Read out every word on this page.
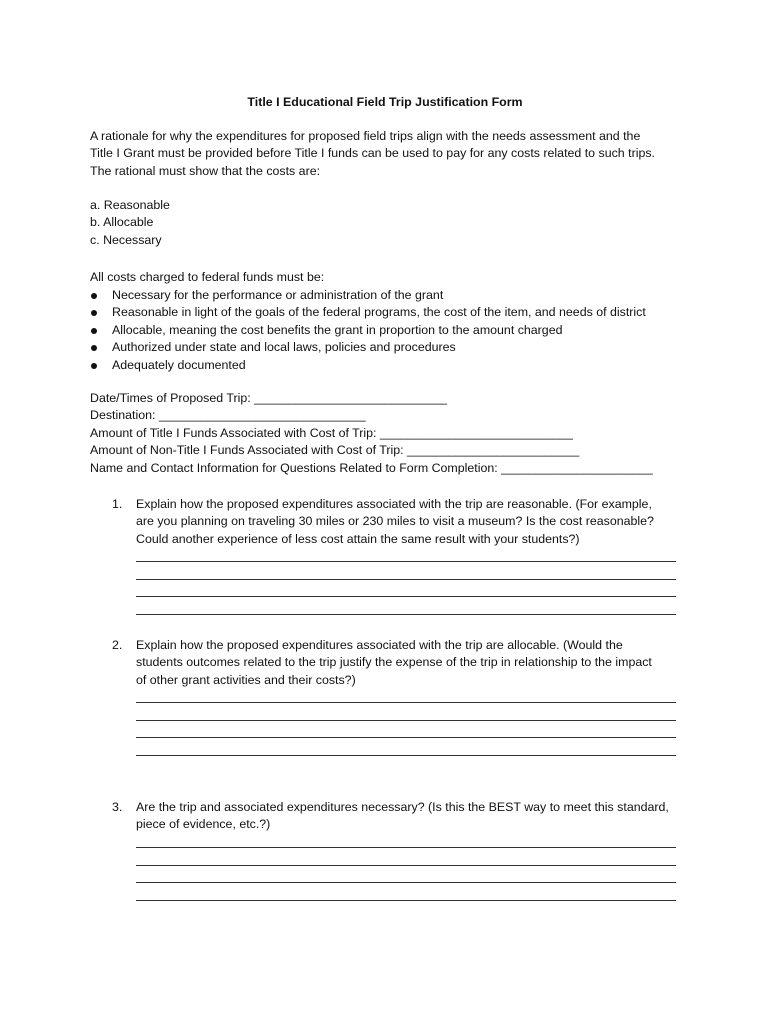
Title I Educational Field Trip Justification Form
A rationale for why the expenditures for proposed field trips align with the needs assessment and the
Title I Grant must be provided before Title I funds can be used to pay for any costs related to such trips.
The rational must show that the costs are:
a. Reasonable
b. Allocable
c. Necessary
All costs charged to federal funds must be:
Necessary for the performance or administration of the grant
Reasonable in light of the goals of the federal programs, the cost of the item, and needs of district
Allocable, meaning the cost benefits the grant in proportion to the amount charged
Authorized under state and local laws, policies and procedures
Adequately documented
Date/Times of Proposed Trip: ____________________________
Destination: ______________________________
Amount of Title I Funds Associated with Cost of Trip: ____________________________
Amount of Non-Title I Funds Associated with Cost of Trip: _________________________
Name and Contact Information for Questions Related to Form Completion: ______________________
1. Explain how the proposed expenditures associated with the trip are reasonable. (For example,
are you planning on traveling 30 miles or 230 miles to visit a museum? Is the cost reasonable?
Could another experience of less cost attain the same result with your students?)
2. Explain how the proposed expenditures associated with the trip are allocable. (Would the
students outcomes related to the trip justify the expense of the trip in relationship to the impact
of other grant activities and their costs?)
3. Are the trip and associated expenditures necessary? (Is this the BEST way to meet this standard,
piece of evidence, etc.?)
